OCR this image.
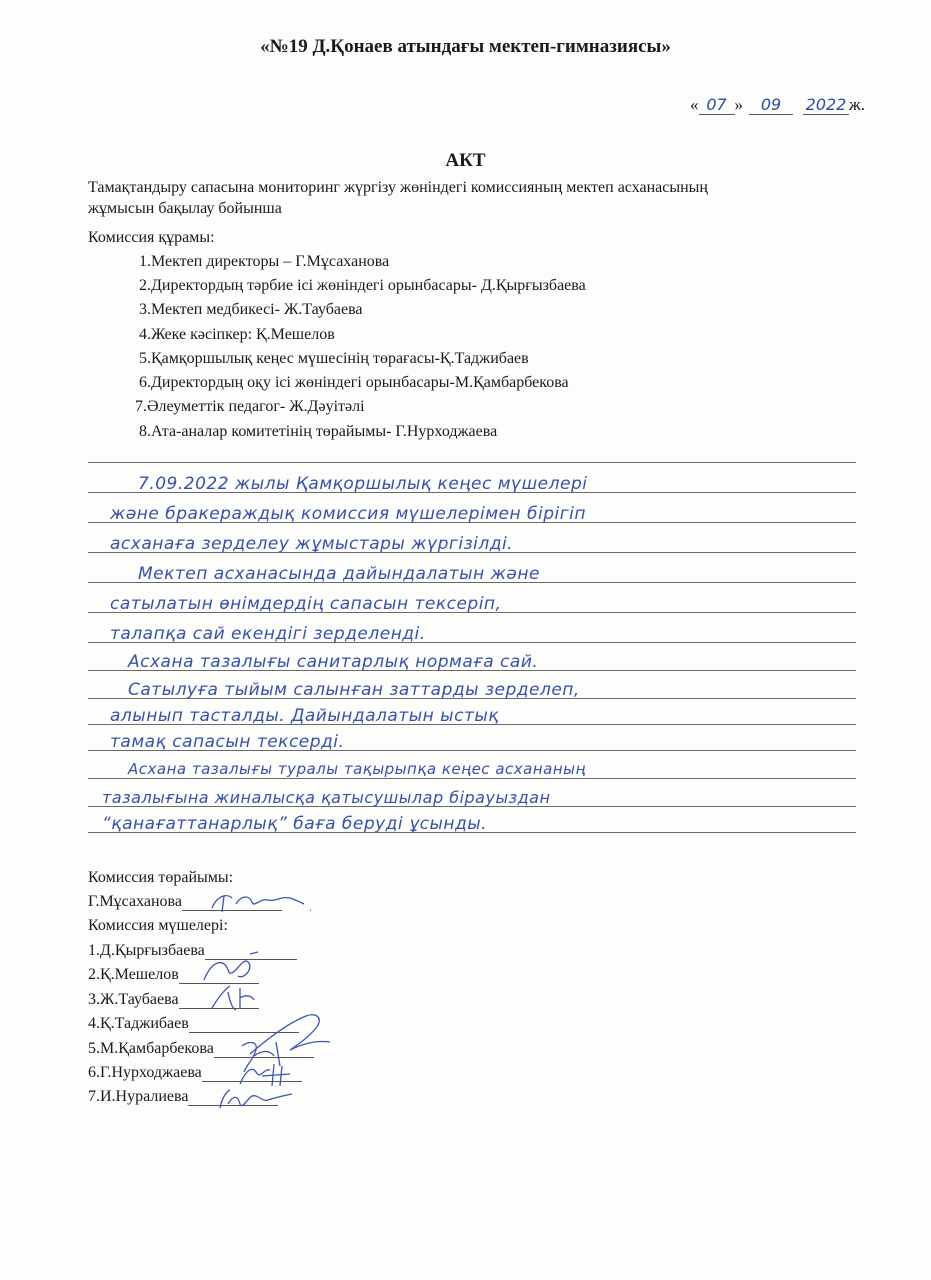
«№19 Д.Қонаев атындағы мектеп-гимназиясы»
« 07 » 09 2022 ж.
АКТ
Тамақтандыру сапасына мониторинг жүргізу жөніндегі комиссияның мектеп асханасының
жұмысын бақылау бойынша
Комиссия құрамы:
1.Мектеп директоры – Г.Мұсаханова
2.Директордың тәрбие ісі жөніндегі орынбасары- Д.Қырғызбаева
3.Мектеп медбикесі- Ж.Таубаева
4.Жеке кәсіпкер: Қ.Мешелов
5.Қамқоршылық кеңес мүшесінің төрағасы-Қ.Таджибаев
6.Директордың оқу ісі жөніндегі орынбасары-М.Қамбарбекова
7.Әлеуметтік педагог- Ж.Дәуітәлі
8.Ата-аналар комитетінің төрайымы- Г.Нурходжаева
7.09.2022 жылы Қамқоршылық кеңес мүшелері
және бракераждық комиссия мүшелерімен бірігіп
асханаға зерделеу жұмыстары жүргізілді.
Мектеп асханасында дайындалатын және
сатылатын өнімдердің сапасын тексеріп,
талапқа сай екендігі зерделенді.
Асхана тазалығы санитарлық нормаға сай.
Сатылуға тыйым салынған заттарды зерделеп,
алынып тасталды. Дайындалатын ыстық
тамақ сапасын тексерді.
Асхана тазалығы туралы тақырыпқа кеңес асхананың
тазалығына жиналысқа қатысушылар бірауыздан
“қанағаттанарлық” баға беруді ұсынды.
Комиссия төрайымы:
Г.Мұсаханова
Комиссия мүшелері:
1.Д.Қырғызбаева
2.Қ.Мешелов
3.Ж.Таубаева
4.Қ.Таджибаев
5.М.Қамбарбекова
6.Г.Нурходжаева
7.И.Нуралиева
